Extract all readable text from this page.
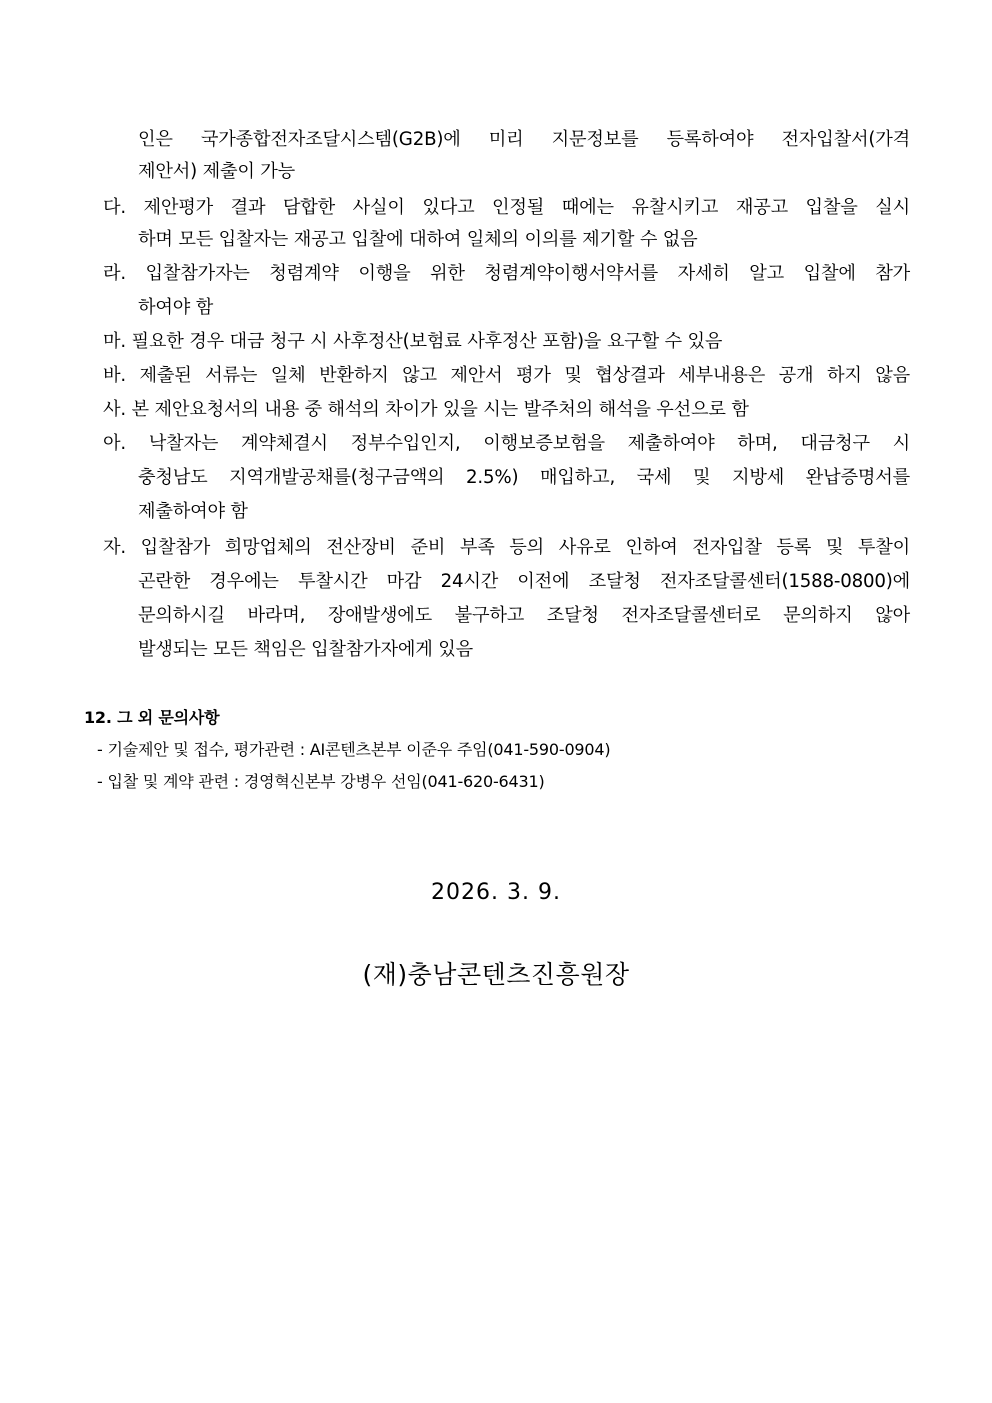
인은 국가종합전자조달시스템(G2B)에 미리 지문정보를 등록하여야 전자입찰서(가격
제안서) 제출이 가능
다. 제안평가 결과 담합한 사실이 있다고 인정될 때에는 유찰시키고 재공고 입찰을 실시
하며 모든 입찰자는 재공고 입찰에 대하여 일체의 이의를 제기할 수 없음
라. 입찰참가자는 청렴계약 이행을 위한 청렴계약이행서약서를 자세히 알고 입찰에 참가
하여야 함
마. 필요한 경우 대금 청구 시 사후정산(보험료 사후정산 포함)을 요구할 수 있음
바. 제출된 서류는 일체 반환하지 않고 제안서 평가 및 협상결과 세부내용은 공개 하지 않음
사. 본 제안요청서의 내용 중 해석의 차이가 있을 시는 발주처의 해석을 우선으로 함
아. 낙찰자는 계약체결시 정부수입인지, 이행보증보험을 제출하여야 하며, 대금청구 시
충청남도 지역개발공채를(청구금액의 2.5%) 매입하고, 국세 및 지방세 완납증명서를
제출하여야 함
자. 입찰참가 희망업체의 전산장비 준비 부족 등의 사유로 인하여 전자입찰 등록 및 투찰이
곤란한 경우에는 투찰시간 마감 24시간 이전에 조달청 전자조달콜센터(1588-0800)에
문의하시길 바라며, 장애발생에도 불구하고 조달청 전자조달콜센터로 문의하지 않아
발생되는 모든 책임은 입찰참가자에게 있음
12. 그 외 문의사항
- 기술제안 및 접수, 평가관련 : AI콘텐츠본부 이준우 주임(041-590-0904)
- 입찰 및 계약 관련 : 경영혁신본부 강병우 선임(041-620-6431)
2026. 3. 9.
(재)충남콘텐츠진흥원장
